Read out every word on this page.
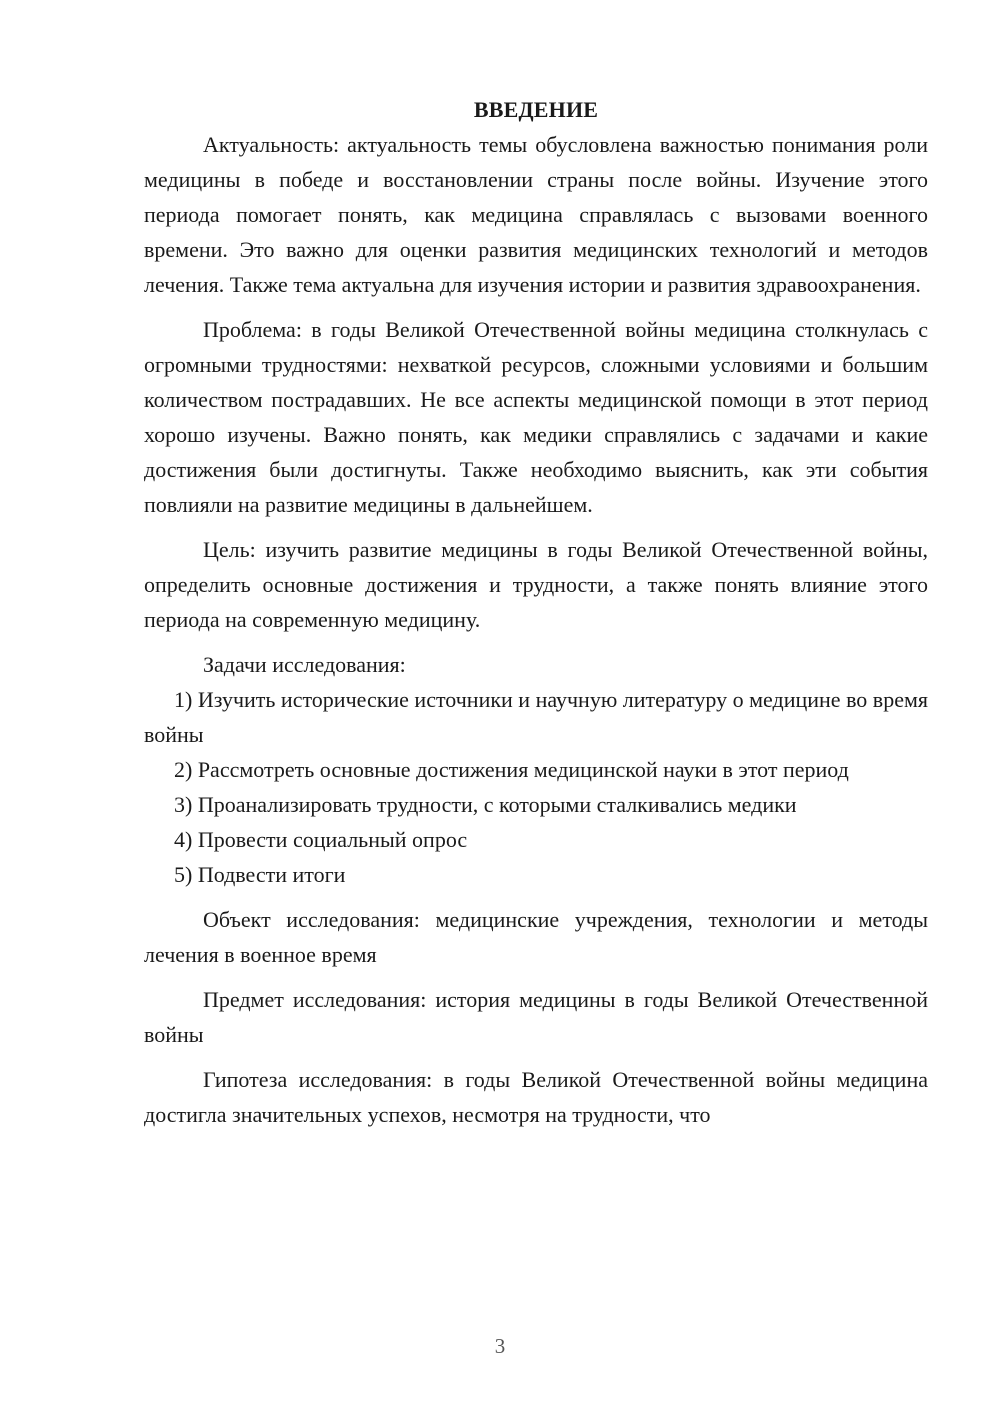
ВВЕДЕНИЕ

Актуальность: актуальность темы обусловлена важностью понимания роли медицины в победе и восстановлении страны после войны. Изучение этого периода помогает понять, как медицина справлялась с вызовами военного времени. Это важно для оценки развития медицинских технологий и методов лечения. Также тема актуальна для изучения истории и развития здравоохранения.

Проблема: в годы Великой Отечественной войны медицина столкнулась с огромными трудностями: нехваткой ресурсов, сложными условиями и большим количеством пострадавших. Не все аспекты медицинской помощи в этот период хорошо изучены. Важно понять, как медики справлялись с задачами и какие достижения были достигнуты. Также необходимо выяснить, как эти события повлияли на развитие медицины в дальнейшем.

Цель: изучить развитие медицины в годы Великой Отечественной войны, определить основные достижения и трудности, а также понять влияние этого периода на современную медицину.

Задачи исследования:

1) Изучить исторические источники и научную литературу о медицине во время войны

2) Рассмотреть основные достижения медицинской науки в этот период

3) Проанализировать трудности, с которыми сталкивались медики

4) Провести социальный опрос

5) Подвести итоги

Объект исследования: медицинские учреждения, технологии и методы лечения в военное время

Предмет исследования: история медицины в годы Великой Отечественной войны

Гипотеза исследования: в годы Великой Отечественной войны медицина достигла значительных успехов, несмотря на трудности, что

3
